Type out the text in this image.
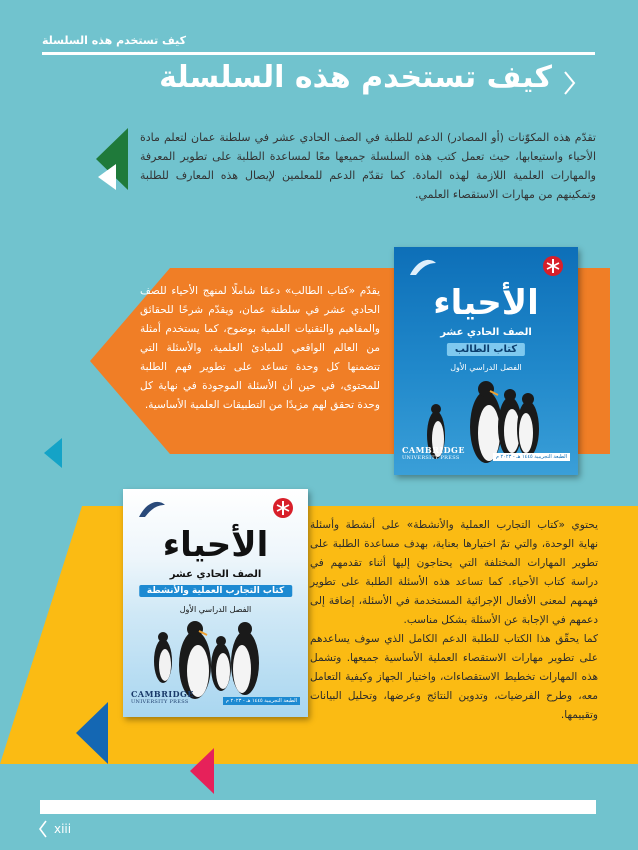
كيف تستخدم هذه السلسلة
كيف تستخدم هذه السلسلة
تقدّم هذه المكوّنات (أو المصادر) الدعم للطلبة في الصف الحادي عشر في سلطنة عمان لتعلم مادة الأحياء واستيعابها، حيث تعمل كتب هذه السلسلة جميعها معًا لمساعدة الطلبة على تطوير المعرفة والمهارات العلمية اللازمة لهذه المادة. كما تقدّم الدعم للمعلمين لإيصال هذه المعارف للطلبة وتمكينهم من مهارات الاستقصاء العلمي.
يقدّم «كتاب الطالب» دعمًا شاملًا لمنهج الأحياء للصف الحادي عشر في سلطنة عمان، ويقدّم شرحًا للحقائق والمفاهيم والتقنيات العلمية بوضوح، كما يستخدم أمثلة من العالم الواقعي للمبادئ العلمية. والأسئلة التي تتضمنها كل وحدة تساعد على تطوير فهم الطلبة للمحتوى، في حين أن الأسئلة الموجودة في نهاية كل وحدة تحقق لهم مزيدًا من التطبيقات العلمية الأساسية.
الأحياء
الصف الحادي عشر
كتاب الطالب
الفصل الدراسي الأول
CAMBRIDGE
UNIVERSITY PRESS	الطبعة التجريبية ١٤٤٥ هـ - ٢٠٢٣ م
يحتوي «كتاب التجارب العملية والأنشطة» على أنشطة وأسئلة نهاية الوحدة، والتي تمّ اختيارها بعناية، بهدف مساعدة الطلبة على تطوير المهارات المختلفة التي يحتاجون إليها أثناء تقدمهم في دراسة كتاب الأحياء. كما تساعد هذه الأسئلة الطلبة على تطوير فهمهم لمعنى الأفعال الإجرائية المستخدمة في الأسئلة، إضافة إلى دعمهم في الإجابة عن الأسئلة بشكل مناسب.
كما يحقّق هذا الكتاب للطلبة الدعم الكامل الذي سوف يساعدهم على تطوير مهارات الاستقصاء العملية الأساسية جميعها. وتشمل هذه المهارات تخطيط الاستقصاءات، واختيار الجهاز وكيفية التعامل معه، وطرح الفرضيات، وتدوين النتائج وعرضها، وتحليل البيانات وتقييمها.
الأحياء
الصف الحادي عشر
كتاب التجارب العملية والأنشطة
الفصل الدراسي الأول
CAMBRIDGE
UNIVERSITY PRESS	الطبعة التجريبية ١٤٤٥ هـ - ٢٠٢٣ م
xiii
